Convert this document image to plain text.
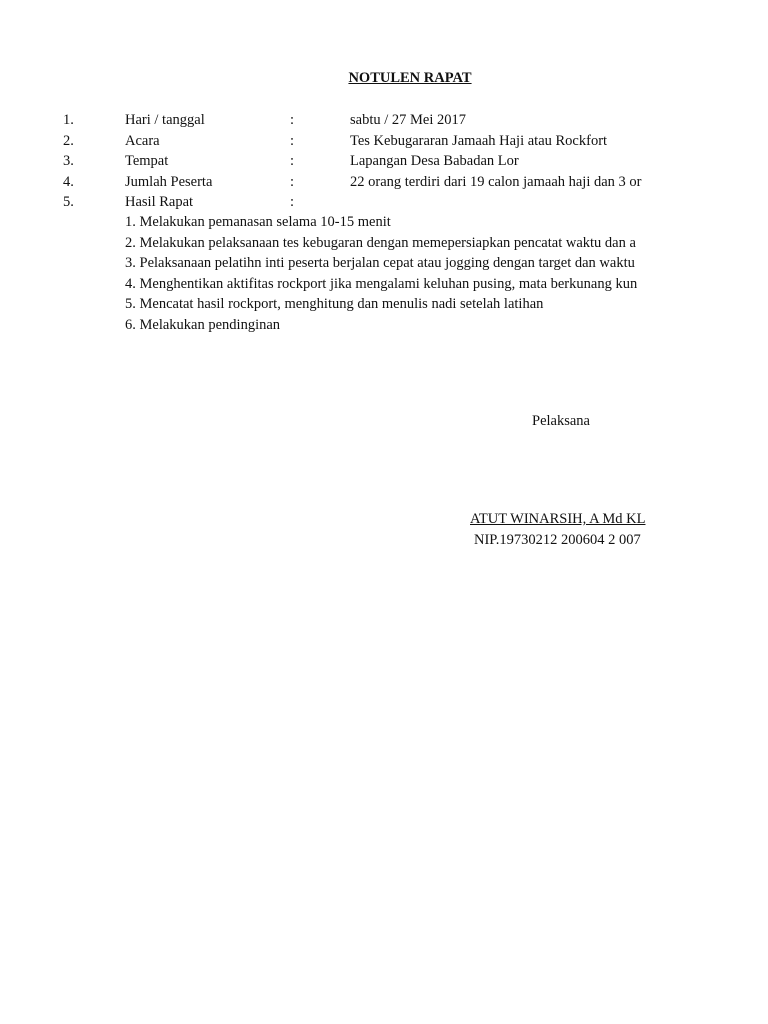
NOTULEN RAPAT
1.	Hari / tanggal	:	sabtu / 27 Mei 2017
2.	Acara	:	Tes Kebugararan Jamaah Haji atau Rockfort
3.	Tempat	:	Lapangan Desa Babadan Lor
4.	Jumlah Peserta	:	22 orang terdiri dari 19 calon jamaah haji dan 3 or
5.	Hasil Rapat	:
1. Melakukan pemanasan selama 10-15 menit
2. Melakukan pelaksanaan tes kebugaran dengan memepersiapkan pencatat waktu dan a
3. Pelaksanaan pelatihn inti peserta berjalan cepat atau jogging dengan target dan waktu
4. Menghentikan aktifitas rockport jika mengalami keluhan pusing, mata berkunang kun
5. Mencatat hasil rockport, menghitung dan menulis nadi setelah latihan
6. Melakukan pendinginan
Pelaksana
ATUT WINARSIH, A Md KL
NIP.19730212 200604 2 007
